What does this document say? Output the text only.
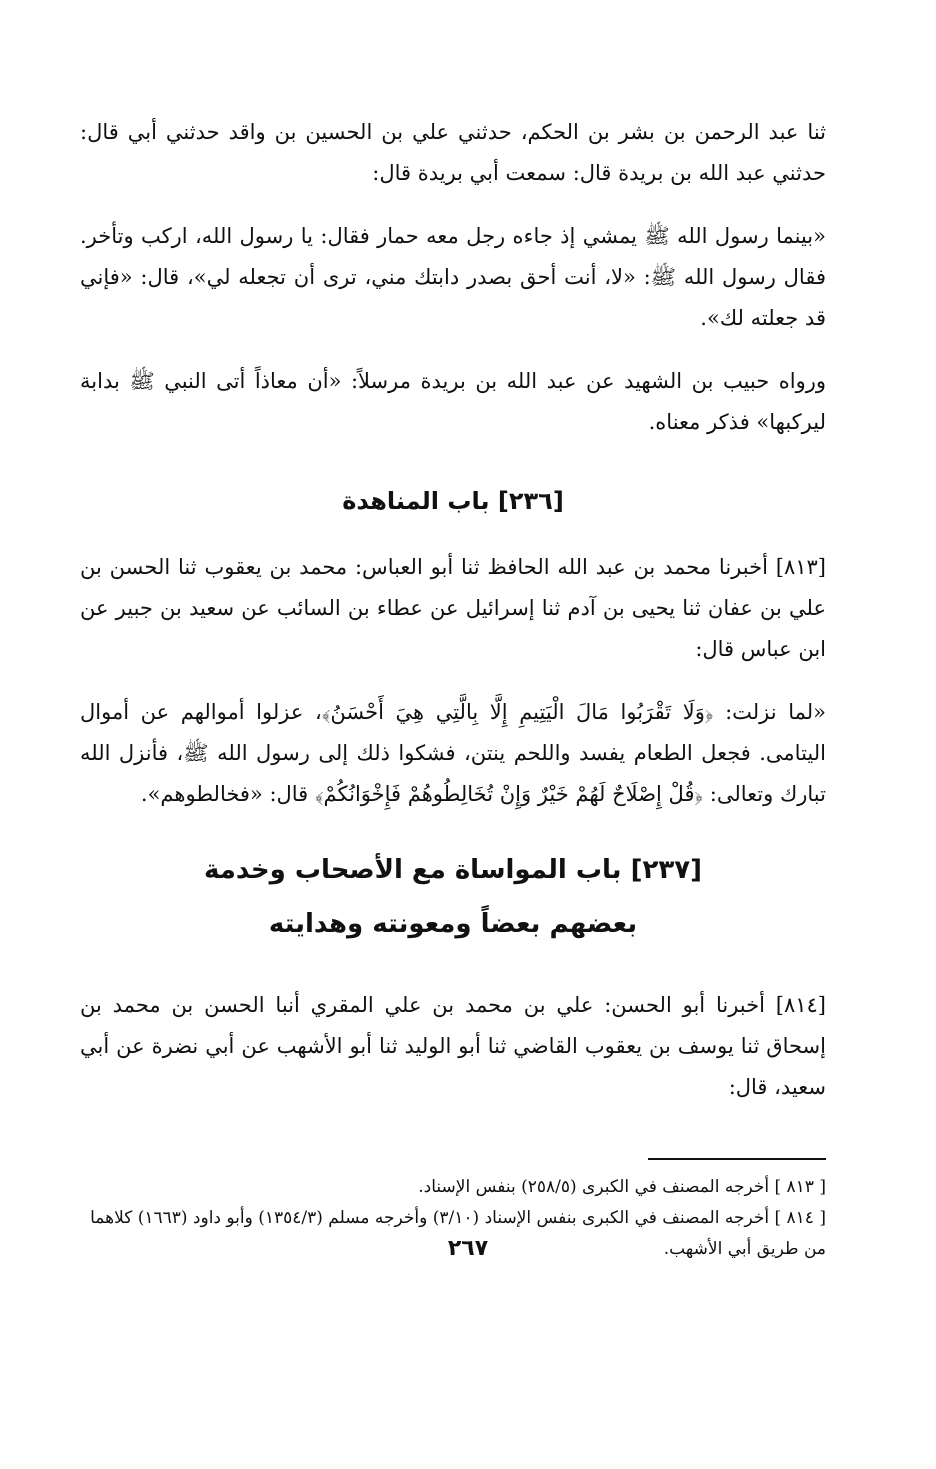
ثنا عبد الرحمن بن بشر بن الحكم، حدثني علي بن الحسين بن واقد حدثني أبي قال: حدثني عبد الله بن بريدة قال: سمعت أبي بريدة قال:

«بينما رسول الله ﷺ يمشي إذ جاءه رجل معه حمار فقال: يا رسول الله، اركب وتأخر. فقال رسول الله ﷺ: «لا، أنت أحق بصدر دابتك مني، ترى أن تجعله لي»، قال: «فإني قد جعلته لك».

ورواه حبيب بن الشهيد عن عبد الله بن بريدة مرسلاً: «أن معاذاً أتى النبي ﷺ بدابة ليركبها» فذكر معناه.

[٢٣٦] باب المناهدة

[٨١٣] أخبرنا محمد بن عبد الله الحافظ ثنا أبو العباس: محمد بن يعقوب ثنا الحسن بن علي بن عفان ثنا يحيى بن آدم ثنا إسرائيل عن عطاء بن السائب عن سعيد بن جبير عن ابن عباس قال:

«لما نزلت: ﴿وَلَا تَقْرَبُوا مَالَ الْيَتِيمِ إِلَّا بِالَّتِي هِيَ أَحْسَنُ﴾، عزلوا أموالهم عن أموال اليتامى. فجعل الطعام يفسد واللحم ينتن، فشكوا ذلك إلى رسول الله ﷺ، فأنزل الله تبارك وتعالى: ﴿قُلْ إِصْلَاحٌ لَهُمْ خَيْرٌ وَإِنْ تُخَالِطُوهُمْ فَإِخْوَانُكُمْ﴾ قال: «فخالطوهم».

[٢٣٧] باب المواساة مع الأصحاب وخدمة
بعضهم بعضاً ومعونته وهدايته

[٨١٤] أخبرنا أبو الحسن: علي بن محمد بن علي المقري أنبا الحسن بن محمد بن إسحاق ثنا يوسف بن يعقوب القاضي ثنا أبو الوليد ثنا أبو الأشهب عن أبي نضرة عن أبي سعيد، قال:

[ ٨١٣ ] أخرجه المصنف في الكبرى (٢٥٨/٥) بنفس الإسناد.

[ ٨١٤ ] أخرجه المصنف في الكبرى بنفس الإسناد (٣/١٠) وأخرجه مسلم (١٣٥٤/٣) وأبو داود (١٦٦٣) كلاهما من طريق أبي الأشهب.

٢٦٧
